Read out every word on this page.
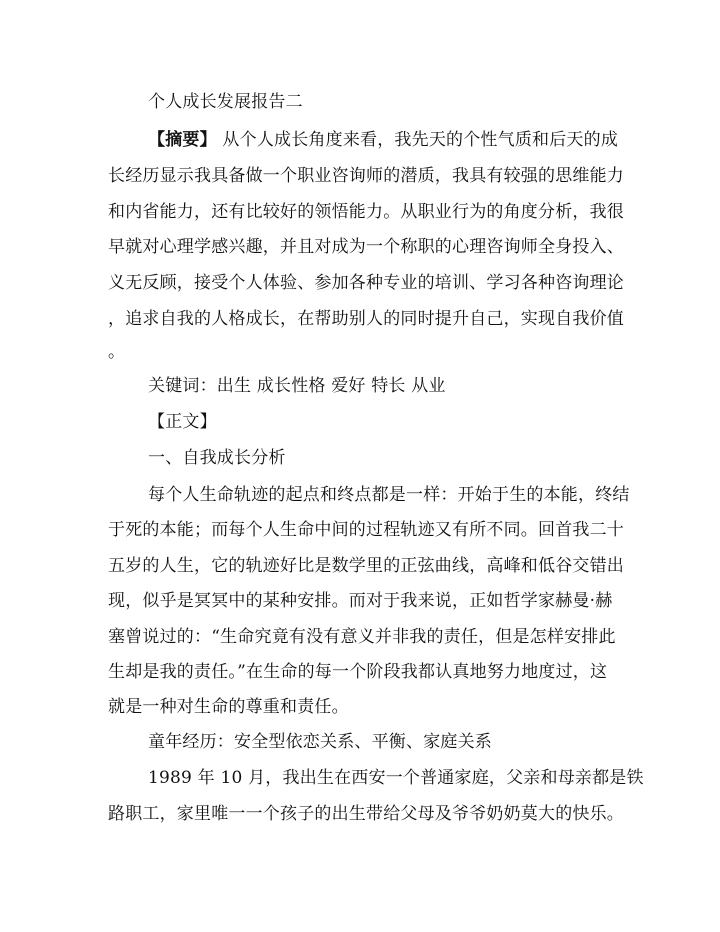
个人成长发展报告二
【摘要】 从个人成长角度来看，我先天的个性气质和后天的成
长经历显示我具备做一个职业咨询师的潜质，我具有较强的思维能力
和内省能力，还有比较好的领悟能力。从职业行为的角度分析，我很
早就对心理学感兴趣，并且对成为一个称职的心理咨询师全身投入、
义无反顾，接受个人体验、参加各种专业的培训、学习各种咨询理论
，追求自我的人格成长，在帮助别人的同时提升自己，实现自我价值
。
关键词：出生 成长性格 爱好 特长 从业
【正文】
一、自我成长分析
每个人生命轨迹的起点和终点都是一样：开始于生的本能，终结
于死的本能；而每个人生命中间的过程轨迹又有所不同。回首我二十
五岁的人生，它的轨迹好比是数学里的正弦曲线，高峰和低谷交错出
现，似乎是冥冥中的某种安排。而对于我来说，正如哲学家赫曼·赫
塞曾说过的：“生命究竟有没有意义并非我的责任，但是怎样安排此
生却是我的责任。”在生命的每一个阶段我都认真地努力地度过，这
就是一种对生命的尊重和责任。
童年经历：安全型依恋关系、平衡、家庭关系
1989 年 10 月，我出生在西安一个普通家庭，父亲和母亲都是铁
路职工，家里唯一一个孩子的出生带给父母及爷爷奶奶莫大的快乐。
